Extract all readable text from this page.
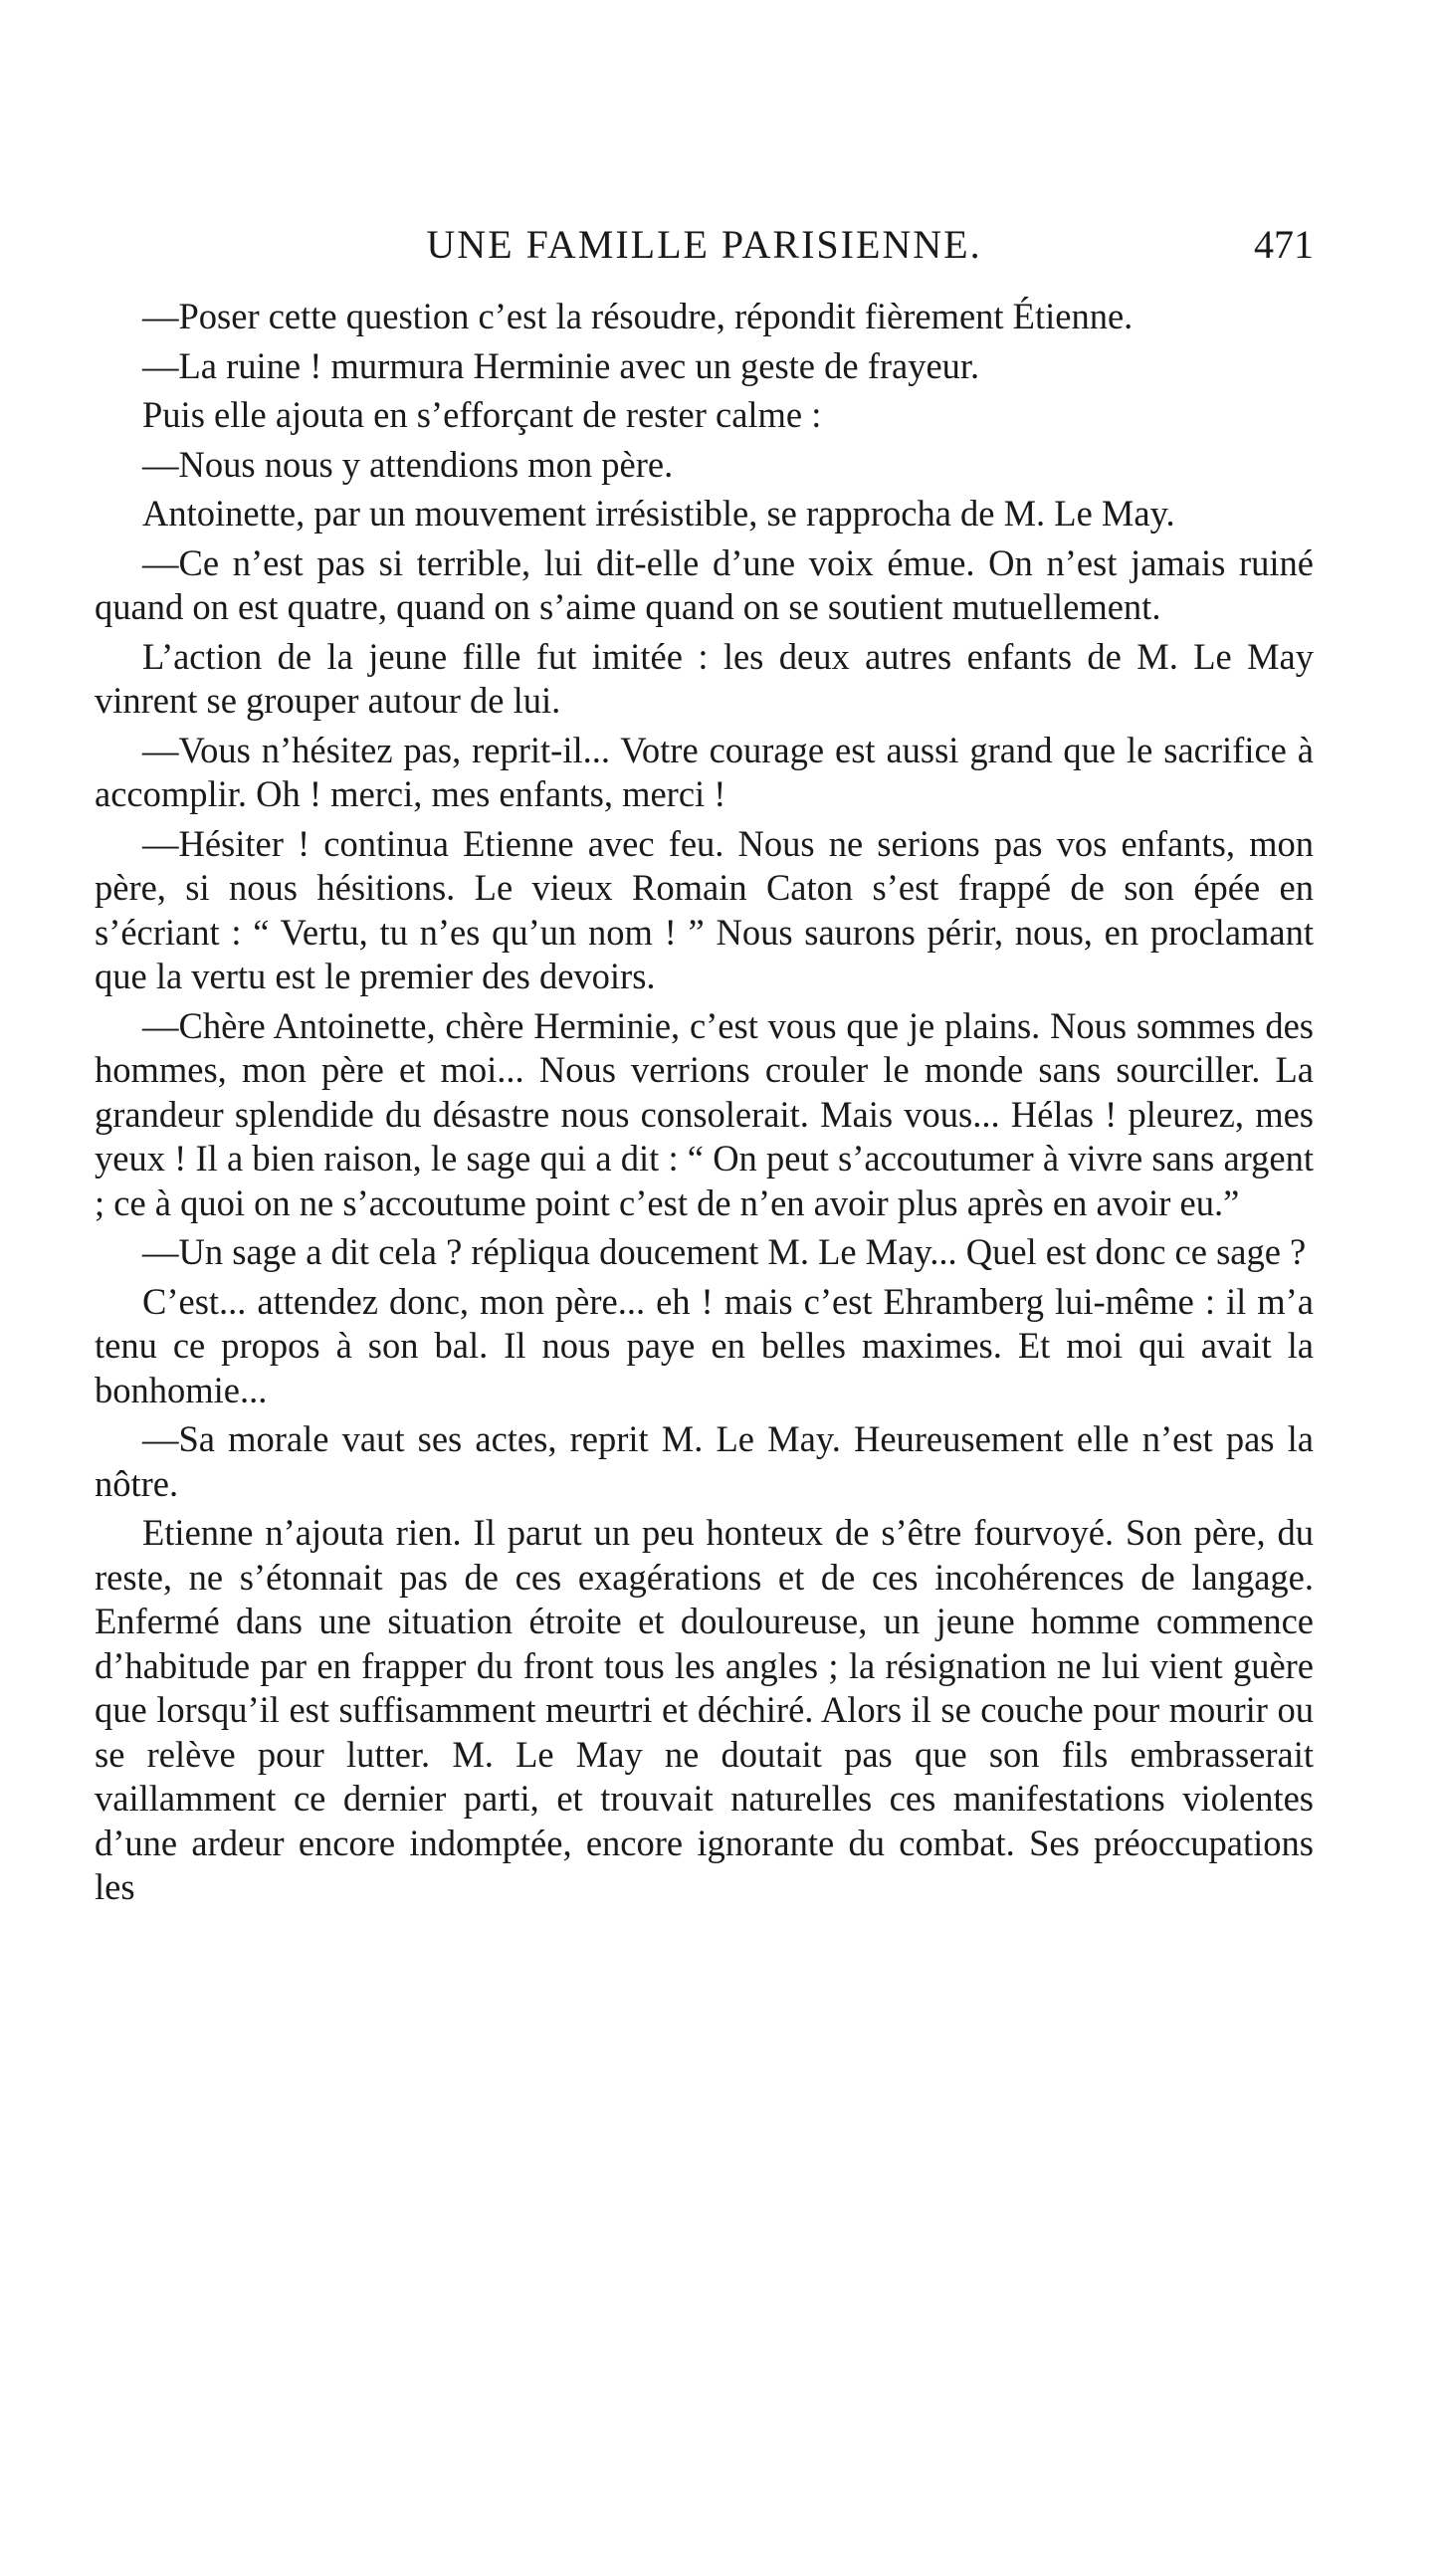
UNE FAMILLE PARISIENNE.	471

—Poser cette question c’est la résoudre, répondit fièrement Étienne.

—La ruine ! murmura Herminie avec un geste de frayeur.

Puis elle ajouta en s’efforçant de rester calme :

—Nous nous y attendions mon père.

Antoinette, par un mouvement irrésistible, se rapprocha de M. Le May.

—Ce n’est pas si terrible, lui dit-elle d’une voix émue. On n’est jamais ruiné quand on est quatre, quand on s’aime quand on se soutient mutuellement.

L’action de la jeune fille fut imitée : les deux autres enfants de M. Le May vinrent se grouper autour de lui.

—Vous n’hésitez pas, reprit-il... Votre courage est aussi grand que le sacrifice à accomplir. Oh ! merci, mes enfants, merci !

—Hésiter ! continua Etienne avec feu. Nous ne serions pas vos enfants, mon père, si nous hésitions. Le vieux Romain Caton s’est frappé de son épée en s’écriant : “ Vertu, tu n’es qu’un nom ! ” Nous saurons périr, nous, en proclamant que la vertu est le premier des devoirs.

—Chère Antoinette, chère Herminie, c’est vous que je plains. Nous sommes des hommes, mon père et moi... Nous verrions crouler le monde sans sourciller. La grandeur splendide du désastre nous consolerait. Mais vous... Hélas ! pleurez, mes yeux ! Il a bien raison, le sage qui a dit : “ On peut s’accoutumer à vivre sans argent ; ce à quoi on ne s’accoutume point c’est de n’en avoir plus après en avoir eu.”

—Un sage a dit cela ? répliqua doucement M. Le May... Quel est donc ce sage ?

C’est... attendez donc, mon père... eh ! mais c’est Ehramberg lui-même : il m’a tenu ce propos à son bal. Il nous paye en belles maximes. Et moi qui avait la bonhomie...

—Sa morale vaut ses actes, reprit M. Le May. Heureusement elle n’est pas la nôtre.

Etienne n’ajouta rien. Il parut un peu honteux de s’être fourvoyé. Son père, du reste, ne s’étonnait pas de ces exagérations et de ces incohérences de langage. Enfermé dans une situation étroite et douloureuse, un jeune homme commence d’habitude par en frapper du front tous les angles ; la résignation ne lui vient guère que lorsqu’il est suffisamment meurtri et déchiré. Alors il se couche pour mourir ou se relève pour lutter. M. Le May ne doutait pas que son fils embrasserait vaillamment ce dernier parti, et trouvait naturelles ces manifestations violentes d’une ardeur encore indomptée, encore ignorante du combat. Ses préoccupations les
